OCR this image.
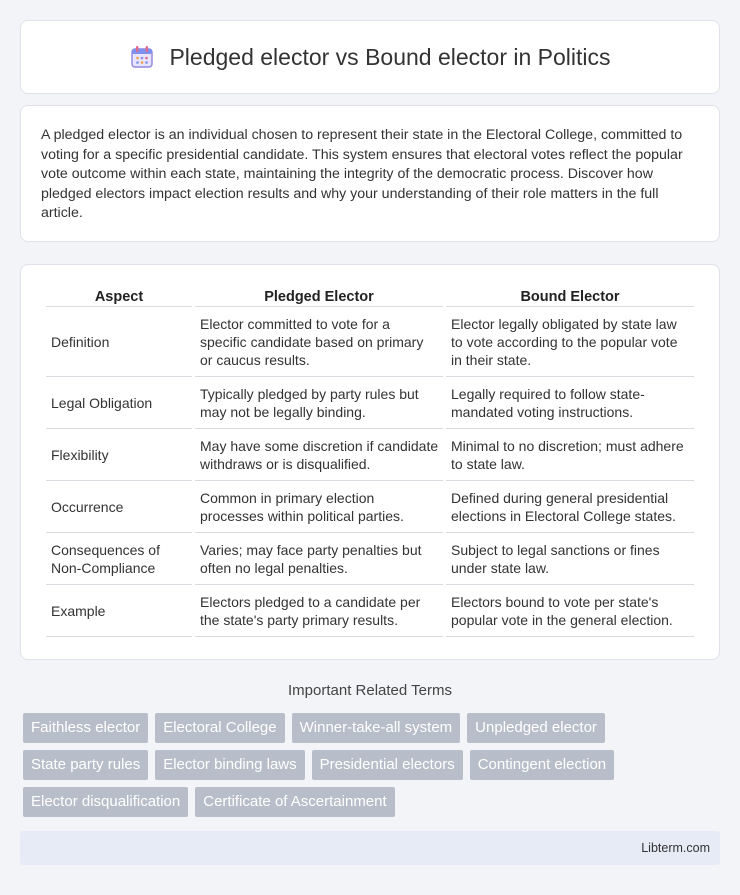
Pledged elector vs Bound elector in Politics

A pledged elector is an individual chosen to represent their state in the Electoral College, committed to voting for a specific presidential candidate. This system ensures that electoral votes reflect the popular vote outcome within each state, maintaining the integrity of the democratic process. Discover how pledged electors impact election results and why your understanding of their role matters in the full article.

Aspect	Pledged Elector	Bound Elector
Definition	Elector committed to vote for a specific candidate based on primary or caucus results.	Elector legally obligated by state law to vote according to the popular vote in their state.
Legal Obligation	Typically pledged by party rules but may not be legally binding.	Legally required to follow state-mandated voting instructions.
Flexibility	May have some discretion if candidate withdraws or is disqualified.	Minimal to no discretion; must adhere to state law.
Occurrence	Common in primary election processes within political parties.	Defined during general presidential elections in Electoral College states.
Consequences of Non-Compliance	Varies; may face party penalties but often no legal penalties.	Subject to legal sanctions or fines under state law.
Example	Electors pledged to a candidate per the state's party primary results.	Electors bound to vote per state's popular vote in the general election.
Important Related Terms
Faithless elector	Electoral College	Winner-take-all system	Unpledged elector
State party rules	Elector binding laws	Presidential electors	Contingent election
Elector disqualification	Certificate of Ascertainment
Libterm.com
